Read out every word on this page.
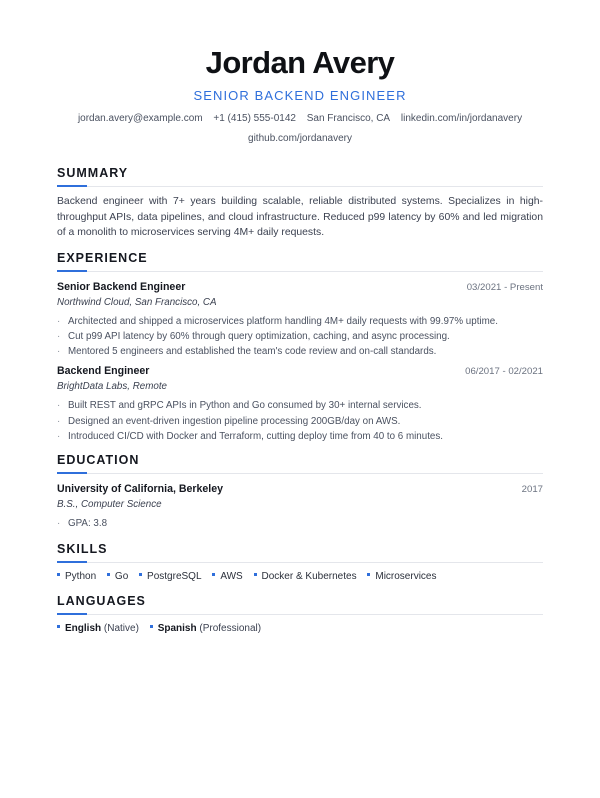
Jordan Avery
SENIOR BACKEND ENGINEER
jordan.avery@example.com +1 (415) 555-0142 San Francisco, CA linkedin.com/in/jordanavery
github.com/jordanavery
SUMMARY
Backend engineer with 7+ years building scalable, reliable distributed systems. Specializes in high-throughput APIs, data pipelines, and cloud infrastructure. Reduced p99 latency by 60% and led migration of a monolith to microservices serving 4M+ daily requests.
EXPERIENCE
Senior Backend Engineer	03/2021 - Present
Northwind Cloud, San Francisco, CA
· Architected and shipped a microservices platform handling 4M+ daily requests with 99.97% uptime.
· Cut p99 API latency by 60% through query optimization, caching, and async processing.
· Mentored 5 engineers and established the team's code review and on-call standards.
Backend Engineer	06/2017 - 02/2021
BrightData Labs, Remote
· Built REST and gRPC APIs in Python and Go consumed by 30+ internal services.
· Designed an event-driven ingestion pipeline processing 200GB/day on AWS.
· Introduced CI/CD with Docker and Terraform, cutting deploy time from 40 to 6 minutes.
EDUCATION
University of California, Berkeley	2017
B.S., Computer Science
· GPA: 3.8
SKILLS
Python Go PostgreSQL AWS Docker & Kubernetes Microservices
LANGUAGES
English (Native) Spanish (Professional)
